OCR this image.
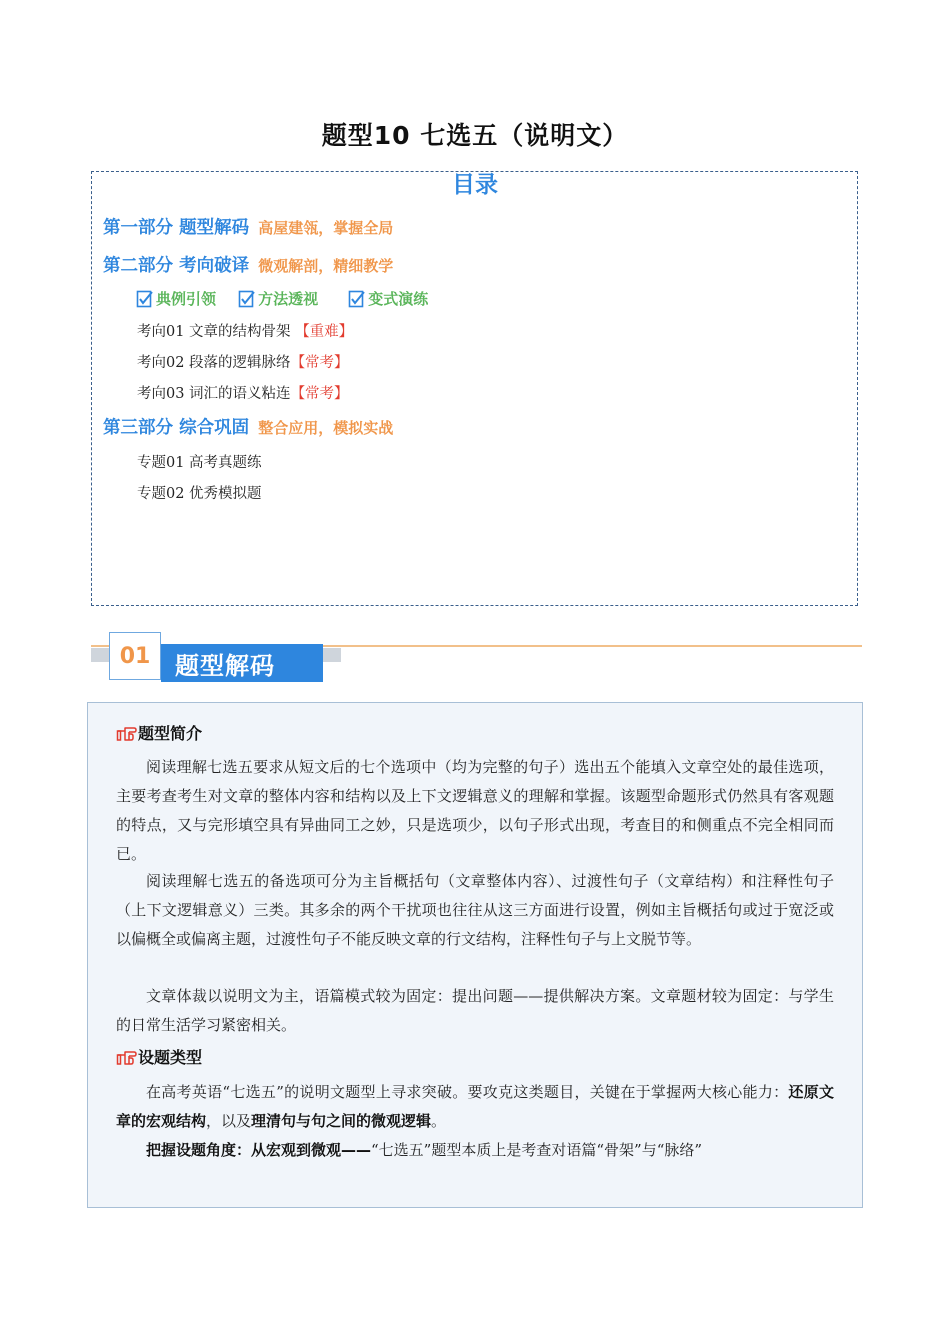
题型10 七选五（说明文）
目录
第一部分 题型解码 高屋建瓴，掌握全局
第二部分 考向破译 微观解剖，精细教学
典例引领
	方法透视
	变式演练
考向01 文章的结构骨架 【重难】
考向02 段落的逻辑脉络【常考】
考向03 词汇的语义粘连【常考】
第三部分 综合巩固 整合应用，模拟实战
专题01 高考真题练
专题02 优秀模拟题
01	题型解码
题型简介
阅读理解七选五要求从短文后的七个选项中（均为完整的句子）选出五个能填入文章空处的最佳选项，主要考查考生对文章的整体内容和结构以及上下文逻辑意义的理解和掌握。该题型命题形式仍然具有客观题的特点，又与完形填空具有异曲同工之妙，只是选项少，以句子形式出现，考查目的和侧重点不完全相同而已。
阅读理解七选五的备选项可分为主旨概括句（文章整体内容）、过渡性句子（文章结构）和注释性句子（上下文逻辑意义）三类。其多余的两个干扰项也往往从这三方面进行设置，例如主旨概括句或过于宽泛或以偏概全或偏离主题，过渡性句子不能反映文章的行文结构，注释性句子与上文脱节等。
文章体裁以说明文为主，语篇模式较为固定：提出问题——提供解决方案。文章题材较为固定：与学生的日常生活学习紧密相关。
设题类型
在高考英语“七选五”的说明文题型上寻求突破。要攻克这类题目，关键在于掌握两大核心能力：还原文章的宏观结构，以及理清句与句之间的微观逻辑。
把握设题角度：从宏观到微观——“七选五”题型本质上是考查对语篇“骨架”与“脉络”
